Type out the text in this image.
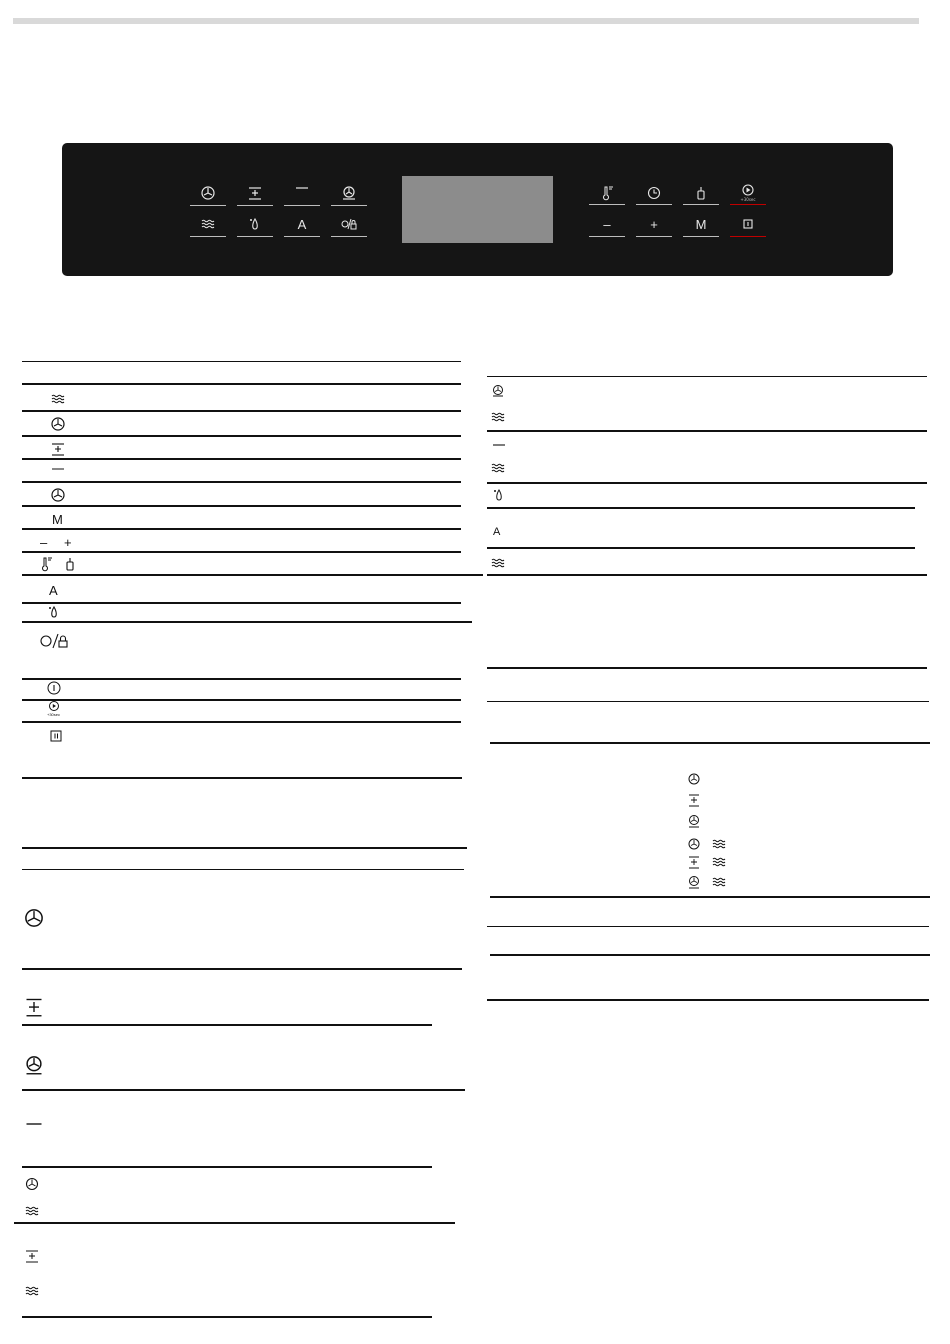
A
+30sec
–	+	M
M
– +
A
+30sec
A
